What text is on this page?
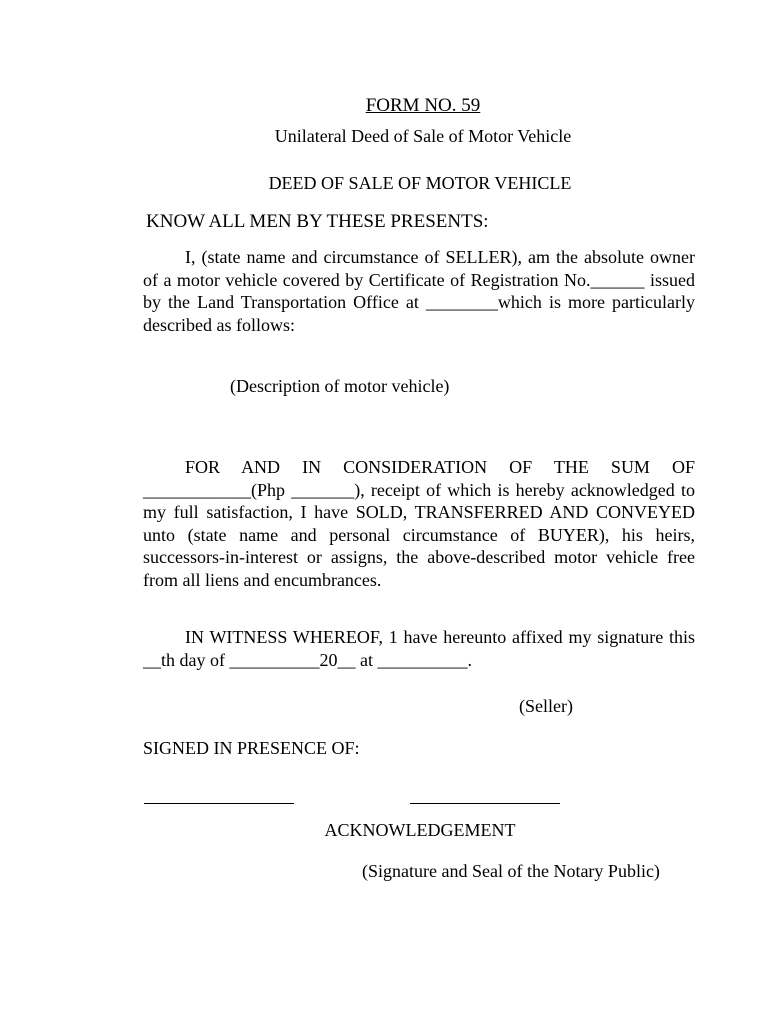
FORM NO. 59
Unilateral Deed of Sale of Motor Vehicle
DEED OF SALE OF MOTOR VEHICLE
KNOW ALL MEN BY THESE PRESENTS:
I, (state name and circumstance of SELLER), am the absolute owner of a motor vehicle covered by Certificate of Registration No.______ issued by the Land Transportation Office at ________which is more particularly described as follows:
(Description of motor vehicle)
FOR AND IN CONSIDERATION OF THE SUM OF ____________(Php _______), receipt of which is hereby acknowledged to my full satisfaction, I have SOLD, TRANSFERRED AND CONVEYED unto (state name and personal circumstance of BUYER), his heirs, successors-in-interest or assigns, the above-described motor vehicle free from all liens and encumbrances.
IN WITNESS WHEREOF, 1 have hereunto affixed my signature this __th day of __________20__ at __________.
(Seller)
SIGNED IN PRESENCE OF:
ACKNOWLEDGEMENT
(Signature and Seal of the Notary Public)
